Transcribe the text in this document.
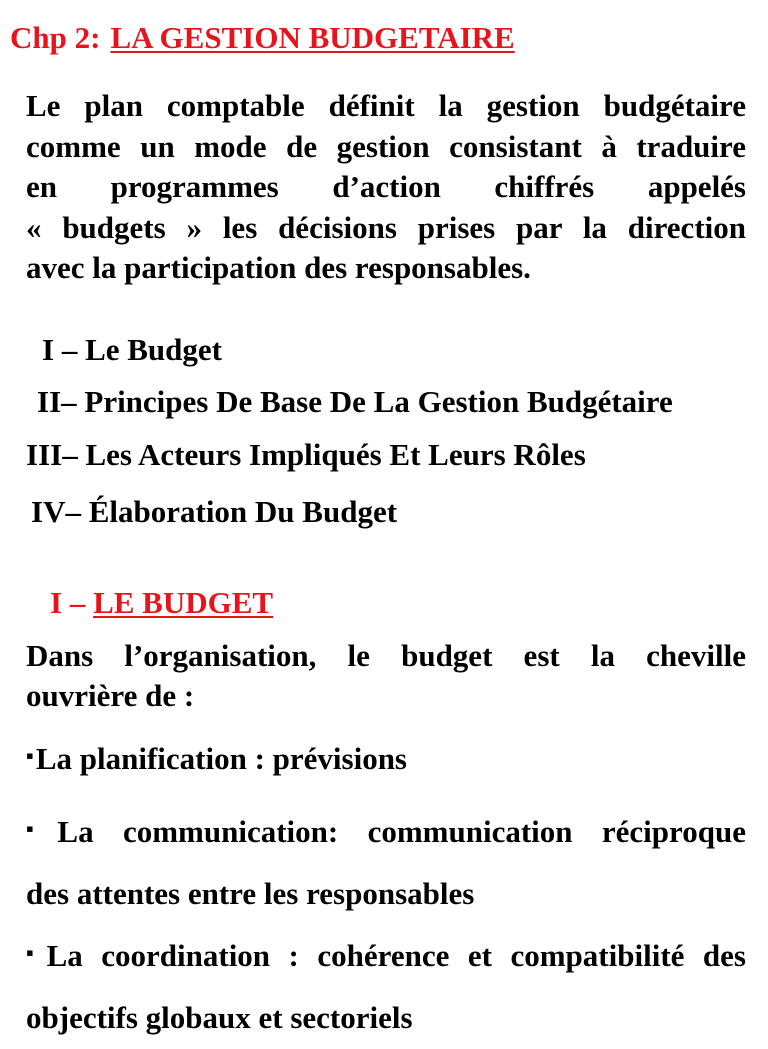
Chp 2: LA GESTION BUDGETAIRE
Le plan comptable définit la gestion budgétaire
comme un mode de gestion consistant à traduire
en programmes d’action chiffrés appelés
« budgets » les décisions prises par la direction
avec la participation des responsables.
I – Le Budget
II– Principes De Base De La Gestion Budgétaire
III– Les Acteurs Impliqués Et Leurs Rôles
IV– Élaboration Du Budget
I – LE BUDGET
Dans l’organisation, le budget est la cheville
ouvrière de :
▪La planification : prévisions
▪La communication: communication réciproque
des attentes entre les responsables
▪La coordination : cohérence et compatibilité des
objectifs globaux et sectoriels
